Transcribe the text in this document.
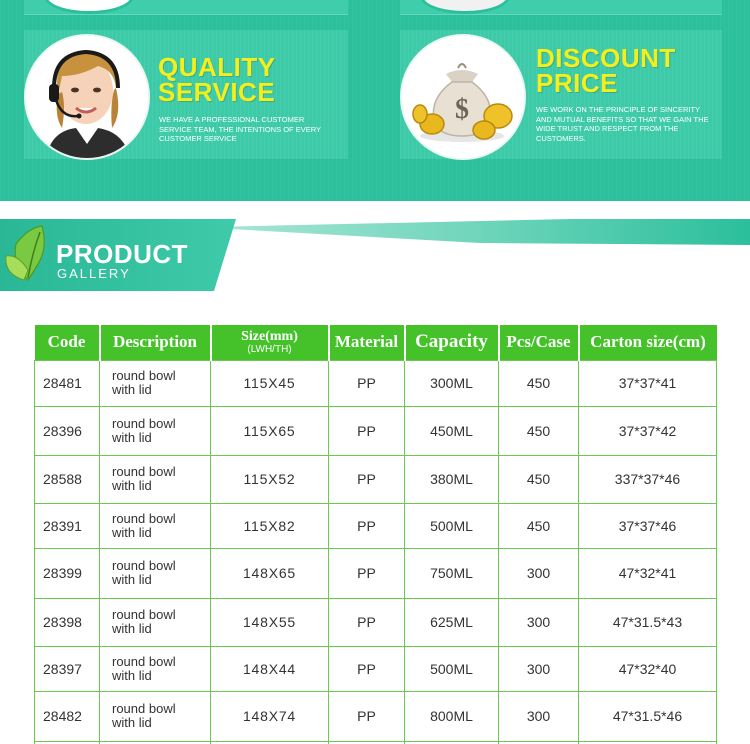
QUALITY
SERVICE
WE HAVE A PROFESSIONAL CUSTOMER SERVICE TEAM, THE INTENTIONS OF EVERY CUSTOMER SERVICE
$
DISCOUNT
PRICE
WE WORK ON THE PRINCIPLE OF SINCERITY AND MUTUAL BENEFITS SO THAT WE GAIN THE WIDE TRUST AND RESPECT FROM THE CUSTOMERS.
PRODUCT
GALLERY
Code	Description	Size(mm)
(LWH/TH)	Material	Capacity	Pcs/Case	Carton size(cm)
28481	round bowl
with lid	115X45	PP	300ML	450	37*37*41
28396	round bowl
with lid	115X65	PP	450ML	450	37*37*42
28588	round bowl
with lid	115X52	PP	380ML	450	337*37*46
28391	round bowl
with lid	115X82	PP	500ML	450	37*37*46
28399	round bowl
with lid	148X65	PP	750ML	300	47*32*41
28398	round bowl
with lid	148X55	PP	625ML	300	47*31.5*43
28397	round bowl
with lid	148X44	PP	500ML	300	47*32*40
28482	round bowl
with lid	148X74	PP	800ML	300	47*31.5*46
